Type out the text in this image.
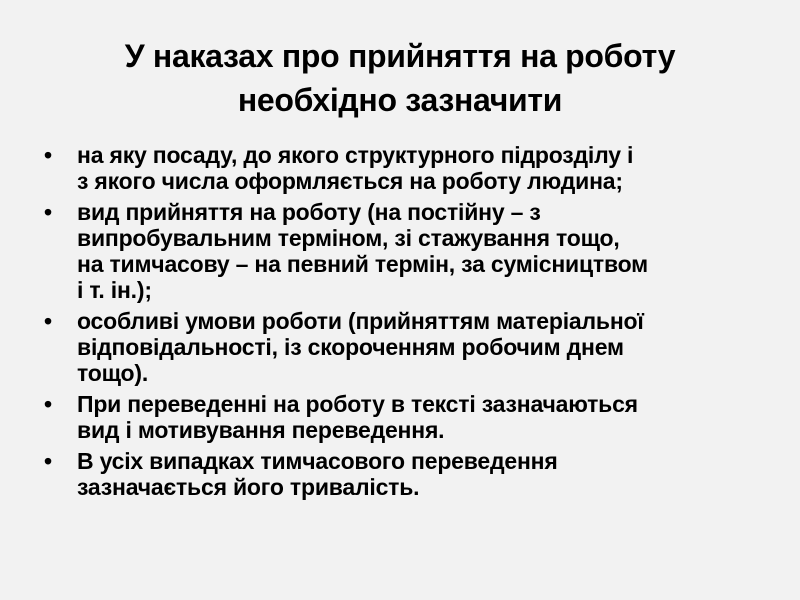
У наказах про прийняття на роботу
необхідно зазначити
• на яку посаду, до якого структурного підрозділу і
з якого числа оформляється на роботу людина;
• вид прийняття на роботу (на постійну – з
випробувальним терміном, зі стажування тощо,
на тимчасову – на певний термін, за сумісництвом
і т. ін.);
• особливі умови роботи (прийняттям матеріальної
відповідальності, із скороченням робочим днем
тощо).
• При переведенні на роботу в тексті зазначаються
вид і мотивування переведення.
• В усіх випадках тимчасового переведення
зазначається його тривалість.
